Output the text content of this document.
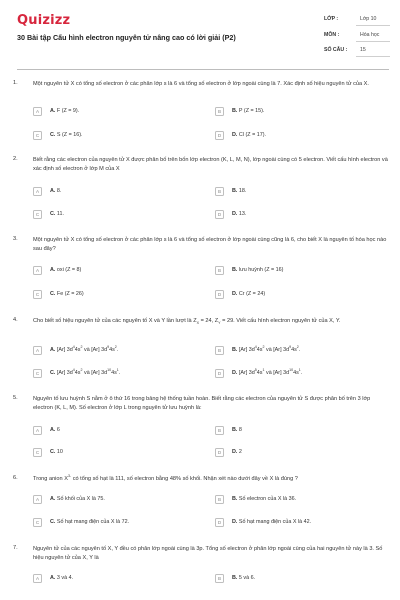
Quizizz
30 Bài tập Cấu hình electron nguyên tử nâng cao có lời giải (P2)
LỚP :	Lớp 10
MÔN :	Hóa học
SỐ CÂU : 15
1.	Một nguyên tử X có tổng số electron ở các phân lớp s là 6 và tổng số electron ở lớp ngoài cùng là 7. Xác định số hiệu nguyên tử của X.
A	A. F (Z = 9).	B	B. P (Z = 15).
C	C. S (Z = 16).	D	D. Cl (Z = 17).
2.	Biết rằng các electron của nguyên tử X được phân bố trên bốn lớp electron (K, L, M, N), lớp ngoài cùng có 5 electron. Viết cấu hình electron và xác định số electron ở lớp M của X
A	A. 8.	B	B. 18.
C	C. 11.	D	D. 13.
3.	Một nguyên tử X có tổng số electron ở các phân lớp s là 6 và tổng số electron ở lớp ngoài cùng cũng là 6, cho biết X là nguyên tố hóa học nào sau đây?
A	A. oxi (Z = 8)	B	B. lưu huỳnh (Z = 16)
C	C. Fe (Z = 26)	D	D. Cr (Z = 24)
4.	Cho biết số hiệu nguyên tử của các nguyên tố X và Y lần lượt là $Z_X = 24$, $Z_Y = 29$. Viết cấu hình electron nguyên tử của X, Y.
A	A. [Ar] $3d^44s^2$ và [Ar] $3d^94s^2$.	B	B. [Ar] $3d^44s^2$ và [Ar] $3d^94s^2$.
C	C. [Ar] $3d^44s^2$ và [Ar] $3d^{10}4s^1$.	D	D. [Ar] $3d^54s^1$ và [Ar] $3d^{10}4s^1$.
5.	Nguyên tố lưu huỳnh S nằm ở ô thứ 16 trong bảng hệ thống tuần hoàn. Biết rằng các electron của nguyên tử S được phân bố trên 3 lớp electron (K, L, M). Số electron ở lớp L trong nguyên tử lưu huỳnh là:
A	A. 6	B	B. 8
C	C. 10	D	D. 2
6.	Trong anion $X^{3-}$ có tổng số hạt là 111, số electron bằng 48% số khối. Nhận xét nào dưới đây về X là đúng ?
A	A. Số khối của X là 75.	B	B. Số electron của X là 36.
C	C. Số hạt mang điện của X là 72.	D	D. Số hạt mang điện của X là 42.
7.	Nguyên tử của các nguyên tố X, Y đều có phân lớp ngoài cùng là 3p. Tổng số electron ở phân lớp ngoài cùng của hai nguyên tử này là 3. Số hiệu nguyên tử của X, Y là
A	A. 3 và 4.	B	B. 5 và 6.
